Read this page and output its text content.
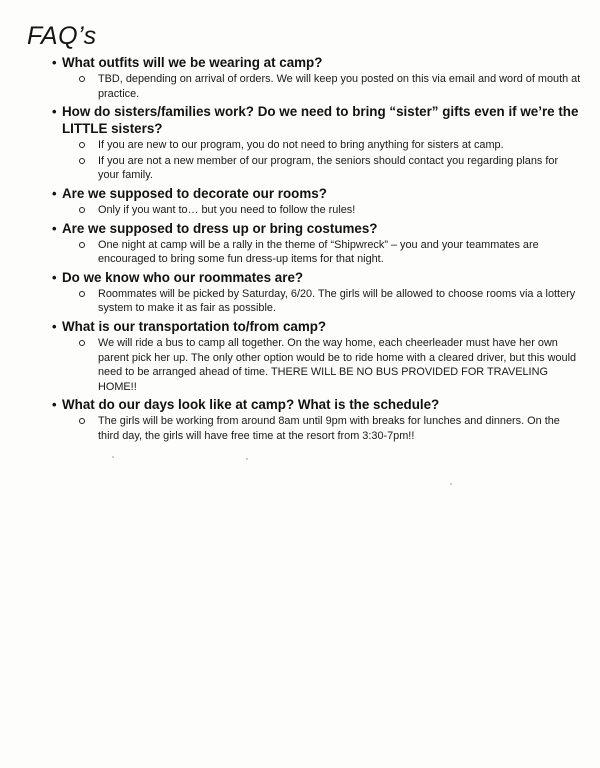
FAQ’s
• What outfits will we be wearing at camp?
TBD, depending on arrival of orders. We will keep you posted on this via email and word of mouth at practice.
• How do sisters/families work? Do we need to bring “sister” gifts even if we’re the LITTLE sisters?
If you are new to our program, you do not need to bring anything for sisters at camp.
If you are not a new member of our program, the seniors should contact you regarding plans for your family.
• Are we supposed to decorate our rooms?
Only if you want to… but you need to follow the rules!
• Are we supposed to dress up or bring costumes?
One night at camp will be a rally in the theme of “Shipwreck” – you and your teammates are encouraged to bring some fun dress-up items for that night.
• Do we know who our roommates are?
Roommates will be picked by Saturday, 6/20. The girls will be allowed to choose rooms via a lottery system to make it as fair as possible.
• What is our transportation to/from camp?
We will ride a bus to camp all together. On the way home, each cheerleader must have her own parent pick her up. The only other option would be to ride home with a cleared driver, but this would need to be arranged ahead of time. THERE WILL BE NO BUS PROVIDED FOR TRAVELING HOME!!
• What do our days look like at camp? What is the schedule?
The girls will be working from around 8am until 9pm with breaks for lunches and dinners. On the third day, the girls will have free time at the resort from 3:30-7pm!!
